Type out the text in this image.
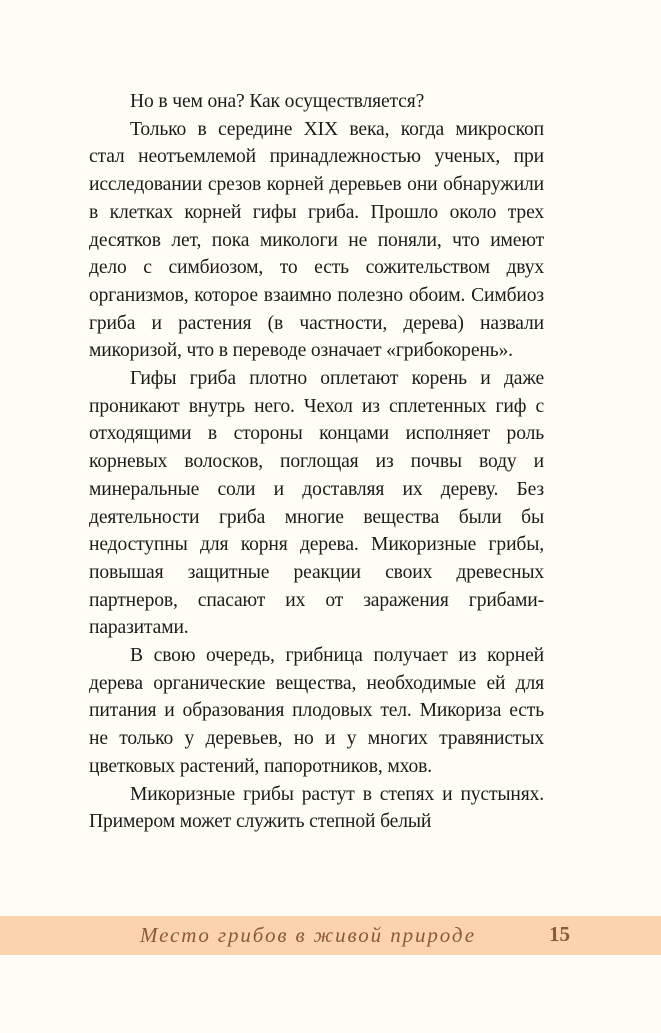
Но в чем она? Как осуществляется?

Только в середине XIX века, когда микроскоп стал неотъемлемой принадлежностью ученых, при исследовании срезов корней деревьев они обнаружили в клетках корней гифы гриба. Прошло около трех десятков лет, пока микологи не поняли, что имеют дело с симбиозом, то есть сожительством двух организмов, которое взаимно полезно обоим. Симбиоз гриба и растения (в частности, дерева) назвали микоризой, что в переводе означает «грибокорень».

Гифы гриба плотно оплетают корень и даже проникают внутрь него. Чехол из сплетенных гиф с отходящими в стороны концами исполняет роль корневых волосков, поглощая из почвы воду и минеральные соли и доставляя их дереву. Без деятельности гриба многие вещества были бы недоступны для корня дерева. Микоризные грибы, повышая защитные реакции своих древесных партнеров, спасают их от заражения грибами-паразитами.

В свою очередь, грибница получает из корней дерева органические вещества, необходимые ей для питания и образования плодовых тел. Микориза есть не только у деревьев, но и у многих травянистых цветковых растений, папоротников, мхов.

Микоризные грибы растут в степях и пустынях. Примером может служить степной белый

Место грибов в живой природе	15
